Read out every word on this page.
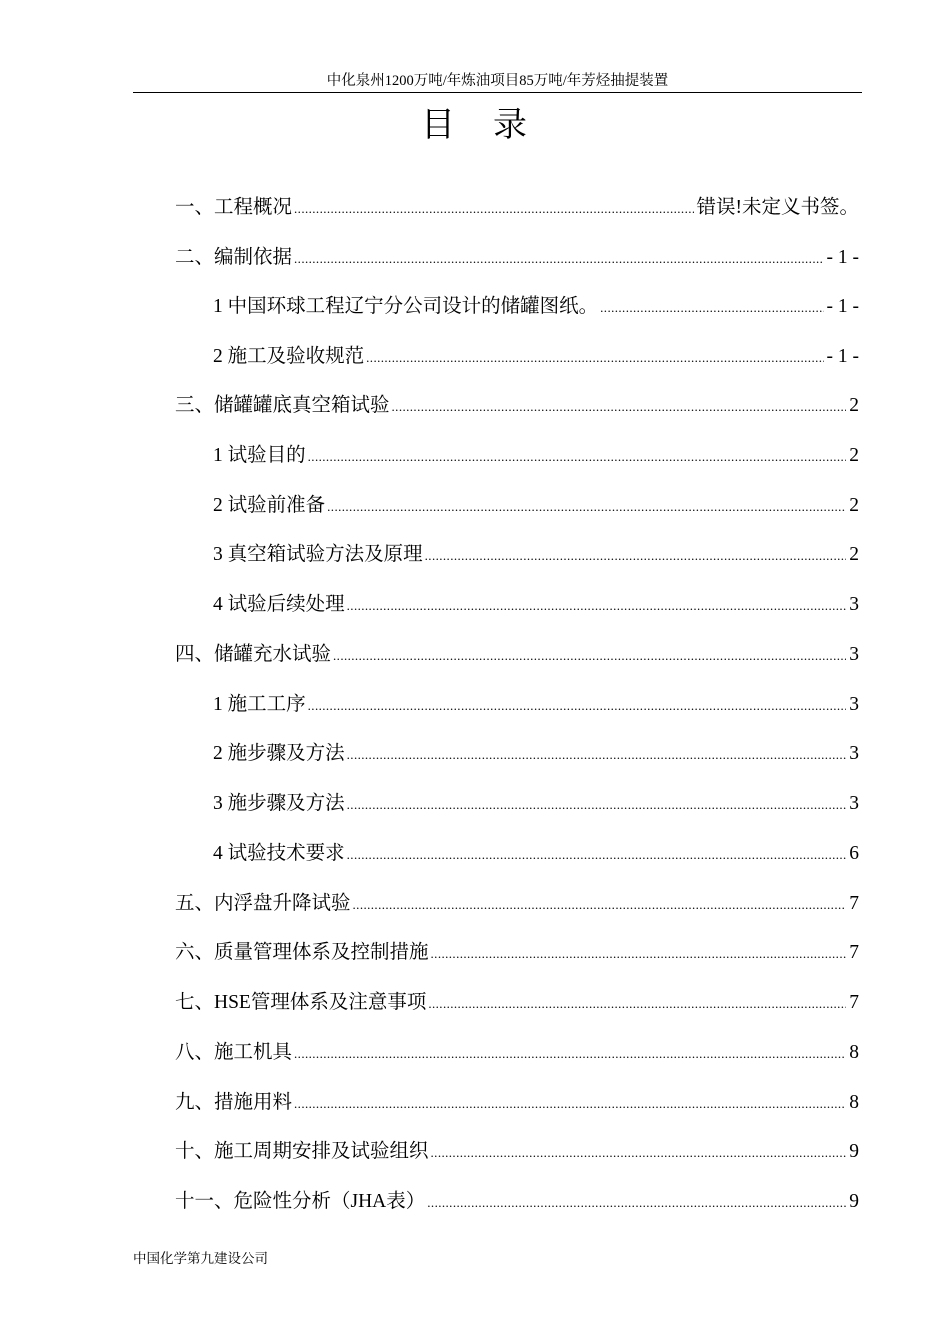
中化泉州1200万吨/年炼油项目85万吨/年芳烃抽提装置
目　录
一、工程概况 .....	错误!未定义书签。
二、编制依据 .....	- 1 -
1 中国环球工程辽宁分公司设计的储罐图纸。 .....	- 1 -
2 施工及验收规范 .....	- 1 -
三、储罐罐底真空箱试验 .....	2
1 试验目的 .....	2
2 试验前准备 .....	2
3 真空箱试验方法及原理 .....	2
4 试验后续处理 .....	3
四、储罐充水试验 .....	3
1 施工工序 .....	3
2 施步骤及方法 .....	3
3 施步骤及方法 .....	3
4 试验技术要求 .....	6
五、内浮盘升降试验 .....	7
六、质量管理体系及控制措施 .....	7
七、HSE管理体系及注意事项 .....	7
八、施工机具 .....	8
九、措施用料 .....	8
十、施工周期安排及试验组织 .....	9
十一、危险性分析（JHA表） .....	9
中国化学第九建设公司
